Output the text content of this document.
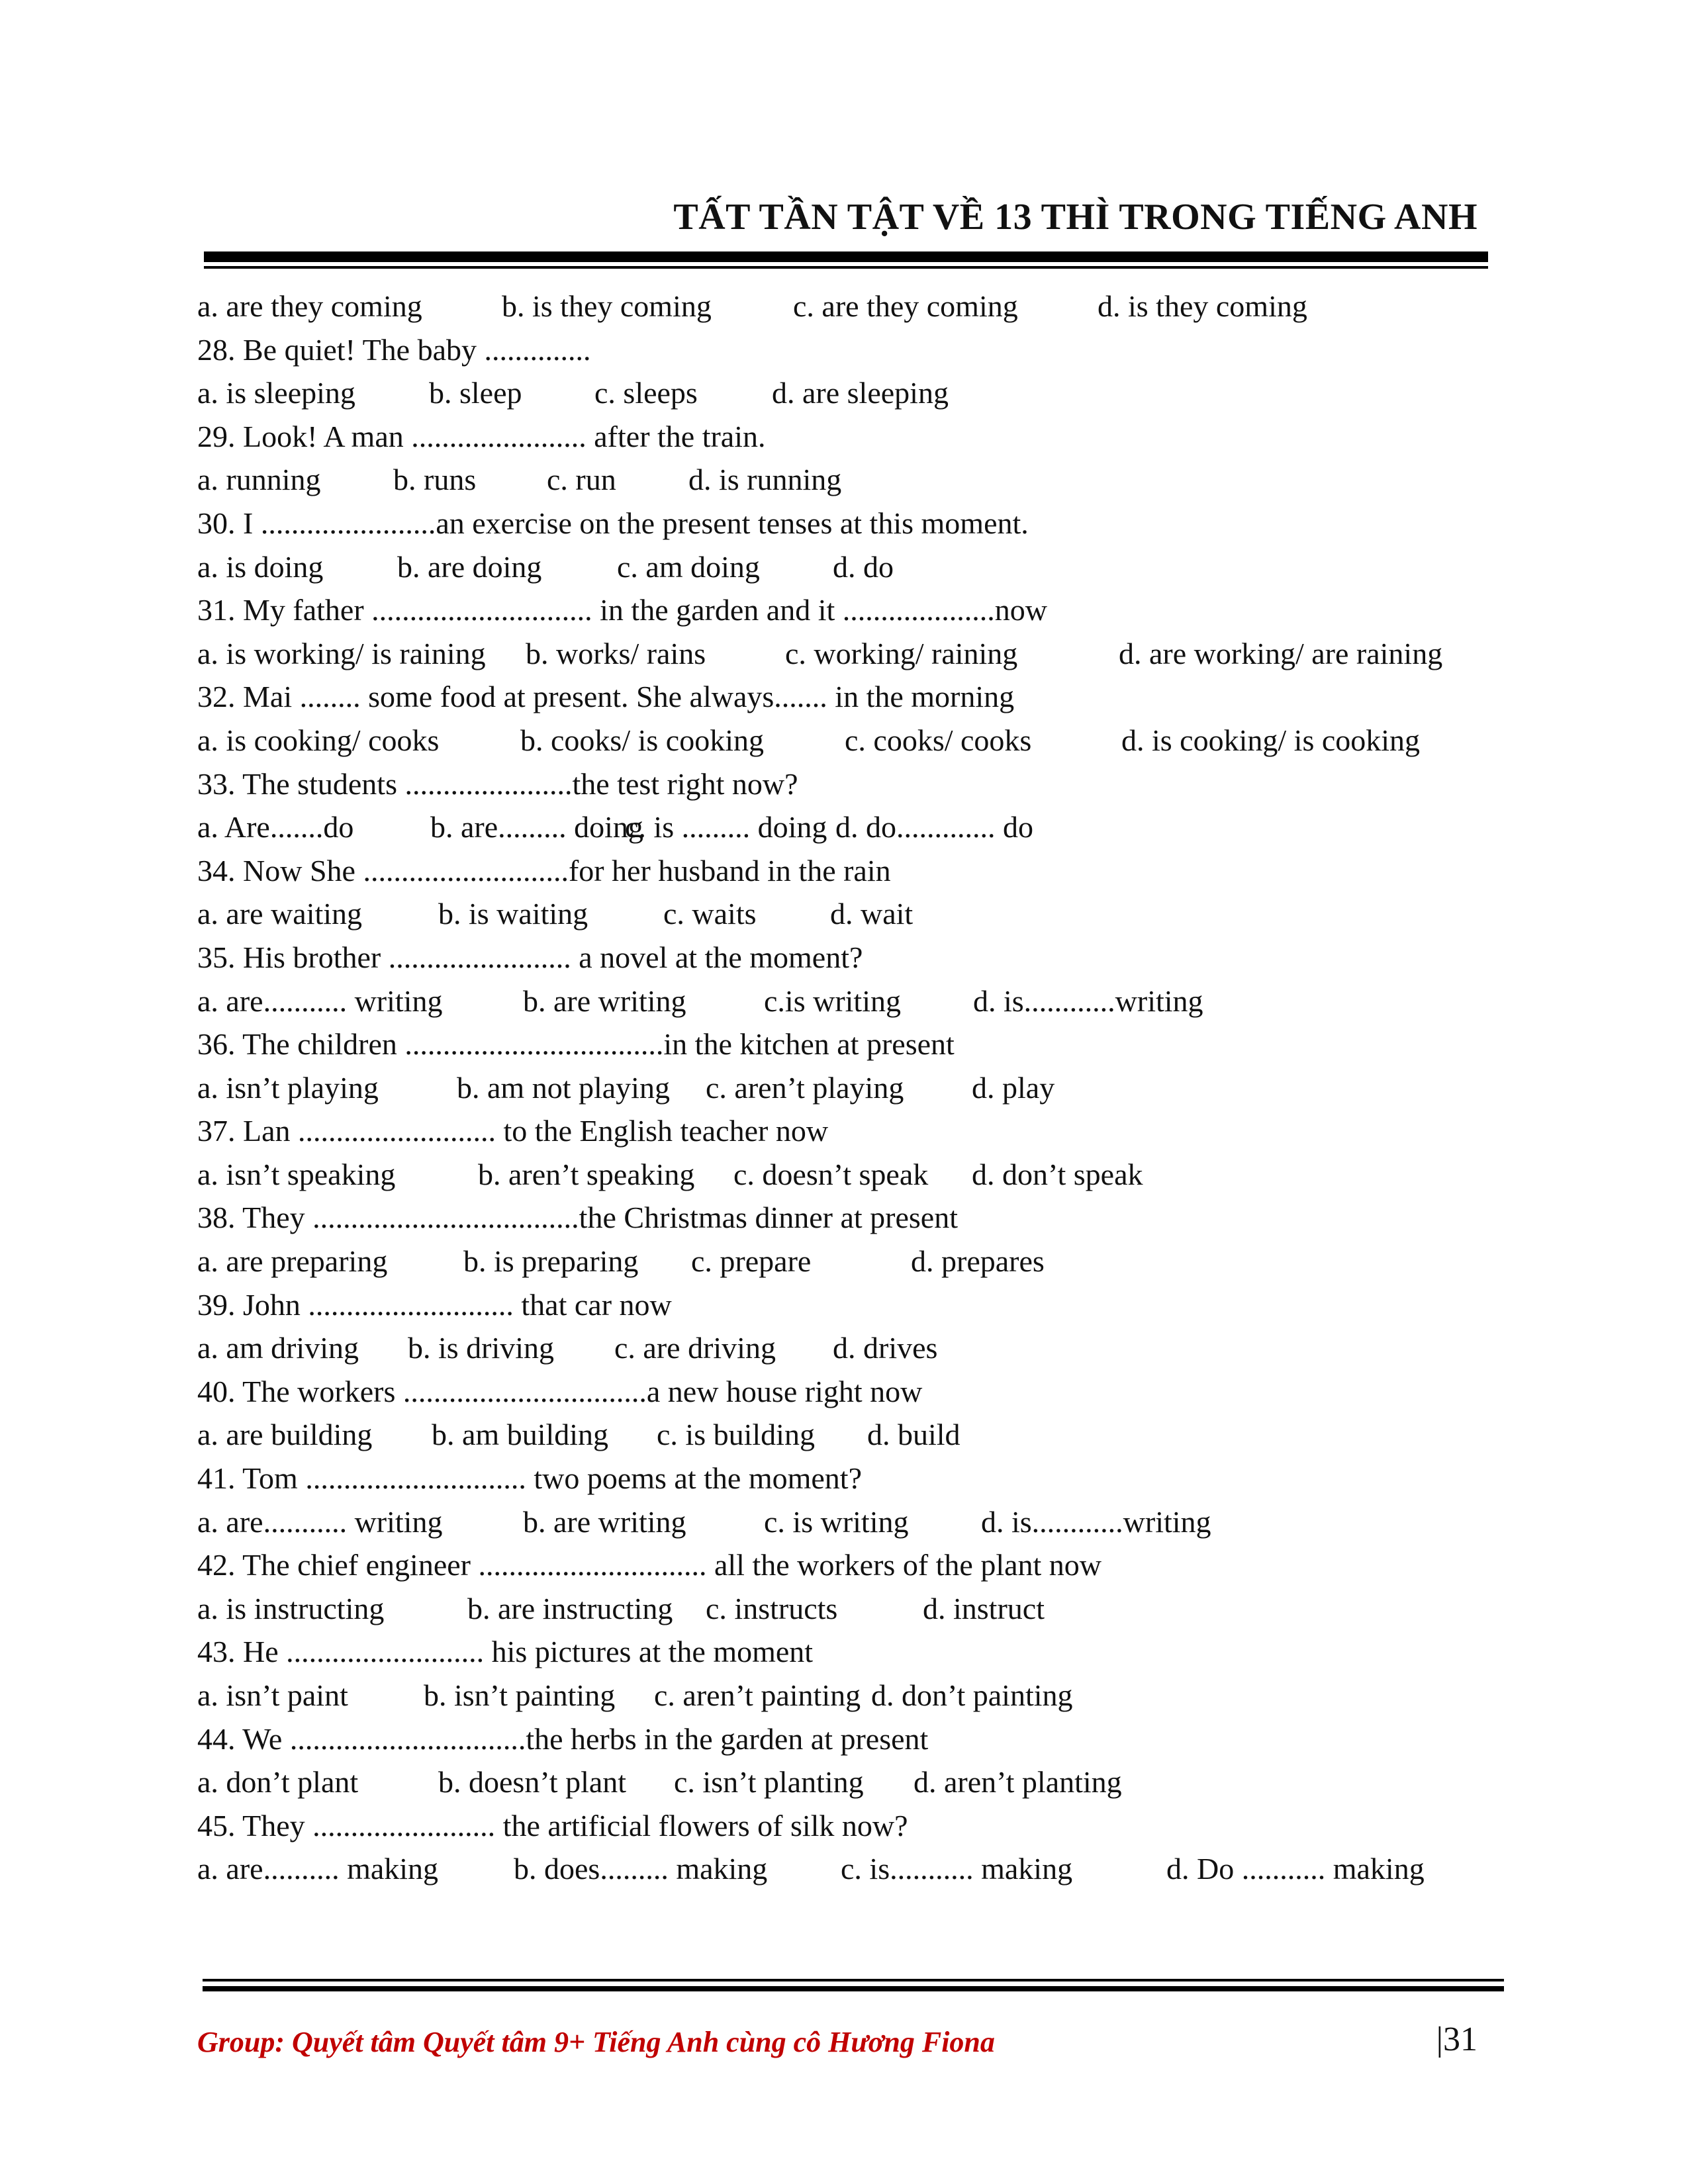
TẤT TẦN TẬT VỀ 13 THÌ TRONG TIẾNG ANH
a. are they coming	b. is they coming	c. are they coming	d. is they coming
28. Be quiet! The baby ..............
a. is sleeping b. sleep c. sleeps d. are sleeping
29. Look! A man ....................... after the train.
a. running b. runs c. run d. is running
30. I .......................an exercise on the present tenses at this moment.
a. is doing b. are doing c. am doing d. do
31. My father ............................. in the garden and it ....................now
a. is working/ is raining b. works/ rains	c. working/ raining	d. are working/ are raining
32. Mai ........ some food at present. She always....... in the morning
a. is cooking/ cooks	b. cooks/ is cooking	c. cooks/ cooks	d. is cooking/ is cooking
33. The students ......................the test right now?
a. Are.......do	b. are......... doing
c. is ......... doing d. do............. do
34. Now She ...........................for her husband in the rain
a. are waiting b. is waiting c. waits d. wait
35. His brother ........................ a novel at the moment?
a. are........... writing	b. are writing	c.is writing d. is............writing
36. The children ..................................in the kitchen at present
a. isn’t playing	b. am not playing c. aren’t playing d. play
37. Lan .......................... to the English teacher now
a. isn’t speaking	b. aren’t speaking c. doesn’t speak d. don’t speak
38. They ...................................the Christmas dinner at present
a. are preparing b. is preparing c. prepare	d. prepares
39. John ........................... that car now
a. am driving b. is driving c. are driving d. drives
40. The workers ................................a new house right now
a. are building b. am building c. is building d. build
41. Tom ............................. two poems at the moment?
a. are........... writing	b. are writing	c. is writing d. is............writing
42. The chief engineer .............................. all the workers of the plant now
a. is instructing	b. are instructing c. instructs	d. instruct
43. He .......................... his pictures at the moment
a. isn’t paint b. isn’t painting c. aren’t painting d. don’t painting
44. We ...............................the herbs in the garden at present
a. don’t plant	b. doesn’t plant c. isn’t planting d. aren’t planting
45. They ........................ the artificial flowers of silk now?
a. are.......... making b. does......... making c. is........... making	d. Do ........... making
Group: Quyết tâm Quyết tâm 9+ Tiếng Anh cùng cô Hương Fiona	|31
